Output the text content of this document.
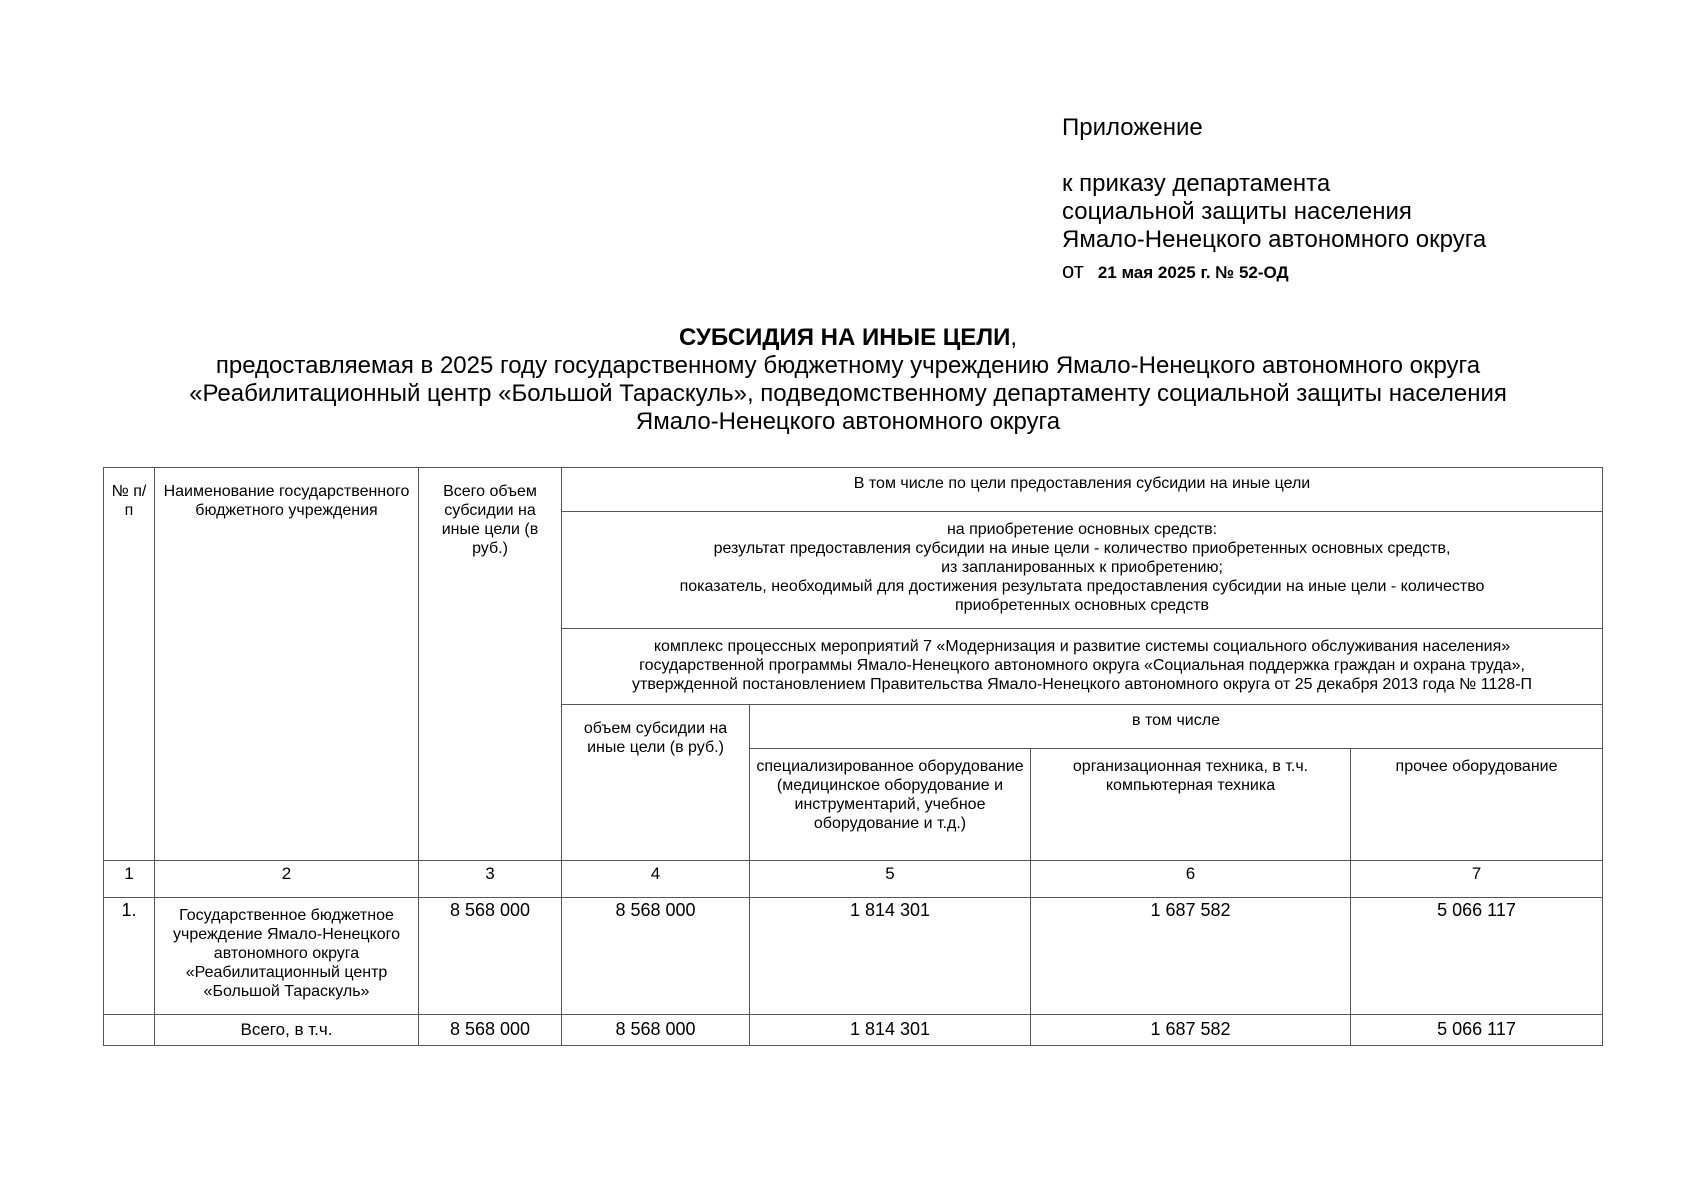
Приложение
к приказу департамента
социальной защиты населения
Ямало-Ненецкого автономного округа
от 21 мая 2025 г. № 52-ОД
СУБСИДИЯ НА ИНЫЕ ЦЕЛИ,
предоставляемая в 2025 году государственному бюджетному учреждению Ямало-Ненецкого автономного округа
«Реабилитационный центр «Большой Тараскуль», подведомственному департаменту социальной защиты населения
Ямало-Ненецкого автономного округа
№ п/п	Наименование государственного бюджетного учреждения	Всего объем субсидии на иные цели (в руб.)	В том числе по цели предоставления субсидии на иные цели			

			на приобретение основных средств:
результат предоставления субсидии на иные цели - количество приобретенных основных средств,
из запланированных к приобретению;
показатель, необходимый для достижения результата предоставления субсидии на иные цели - количество приобретенных основных средств			

			комплекс процессных мероприятий 7 «Модернизация и развитие системы социального обслуживания населения»
государственной программы Ямало-Ненецкого автономного округа «Социальная поддержка граждан и охрана труда»,
утвержденной постановлением Правительства Ямало-Ненецкого автономного округа от 25 декабря 2013 года № 1128-П			

			объем субсидии на иные цели (в руб.)	в том числе		
				специализированное оборудование (медицинское оборудование и инструментарий, учебное оборудование и т.д.)	организационная техника, в т.ч. компьютерная техника	прочее оборудование
1	2	3	4	5	6	7
1.	Государственное бюджетное учреждение Ямало-Ненецкого автономного округа «Реабилитационный центр «Большой Тараскуль»	8 568 000	8 568 000	1 814 301	1 687 582	5 066 117
	Всего, в т.ч.	8 568 000	8 568 000	1 814 301	1 687 582	5 066 117
